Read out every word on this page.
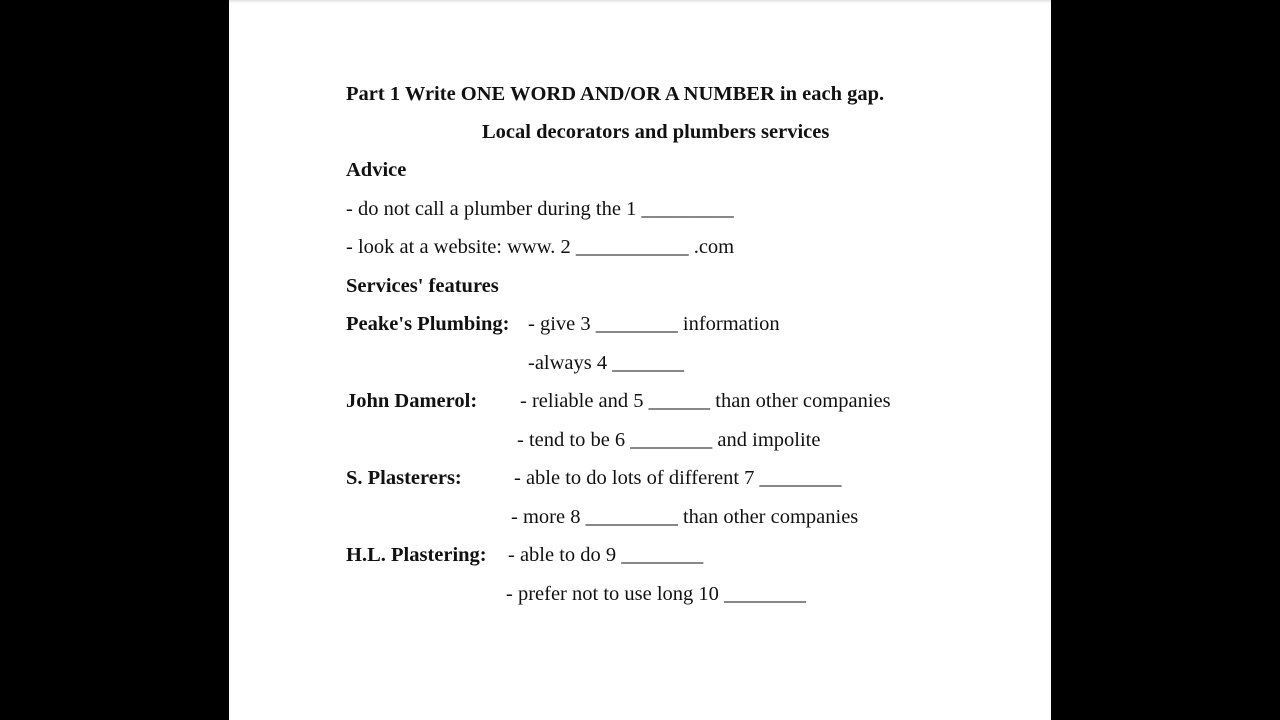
Part 1 Write ONE WORD AND/OR A NUMBER in each gap.
Local decorators and plumbers services
Advice
- do not call a plumber during the 1 _________
- look at a website: www. 2 ___________ .com
Services' features
Peake's Plumbing: - give 3 ________ information
-always 4 _______
John Damerol: - reliable and 5 ______ than other companies
- tend to be 6 ________ and impolite
S. Plasterers:	- able to do lots of different 7 ________
- more 8 _________ than other companies
H.L. Plastering: - able to do 9 ________
- prefer not to use long 10 ________
